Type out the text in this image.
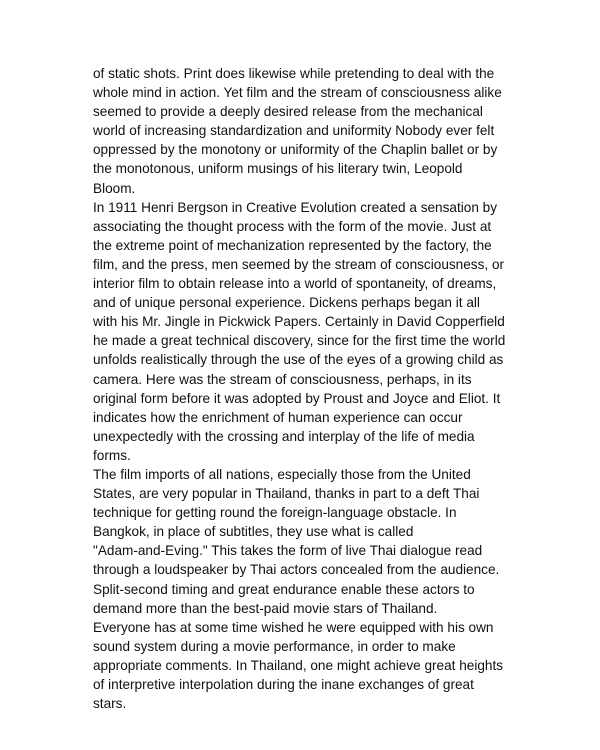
of static shots. Print does likewise while pretending to deal with the
whole mind in action. Yet film and the stream of consciousness alike
seemed to provide a deeply desired release from the mechanical
world of increasing standardization and uniformity Nobody ever felt
oppressed by the monotony or uniformity of the Chaplin ballet or by
the monotonous, uniform musings of his literary twin, Leopold
Bloom.

In 1911 Henri Bergson in Creative Evolution created a sensation by
associating the thought process with the form of the movie. Just at
the extreme point of mechanization represented by the factory, the
film, and the press, men seemed by the stream of consciousness, or
interior film to obtain release into a world of spontaneity, of dreams,
and of unique personal experience. Dickens perhaps began it all
with his Mr. Jingle in Pickwick Papers. Certainly in David Copperfield
he made a great technical discovery, since for the first time the world
unfolds realistically through the use of the eyes of a growing child as
camera. Here was the stream of consciousness, perhaps, in its
original form before it was adopted by Proust and Joyce and Eliot. It
indicates how the enrichment of human experience can occur
unexpectedly with the crossing and interplay of the life of media
forms.

The film imports of all nations, especially those from the United
States, are very popular in Thailand, thanks in part to a deft Thai
technique for getting round the foreign-language obstacle. In
Bangkok, in place of subtitles, they use what is called
"Adam-and-Eving." This takes the form of live Thai dialogue read
through a loudspeaker by Thai actors concealed from the audience.
Split-second timing and great endurance enable these actors to
demand more than the best-paid movie stars of Thailand.

Everyone has at some time wished he were equipped with his own
sound system during a movie performance, in order to make
appropriate comments. In Thailand, one might achieve great heights
of interpretive interpolation during the inane exchanges of great
stars.
